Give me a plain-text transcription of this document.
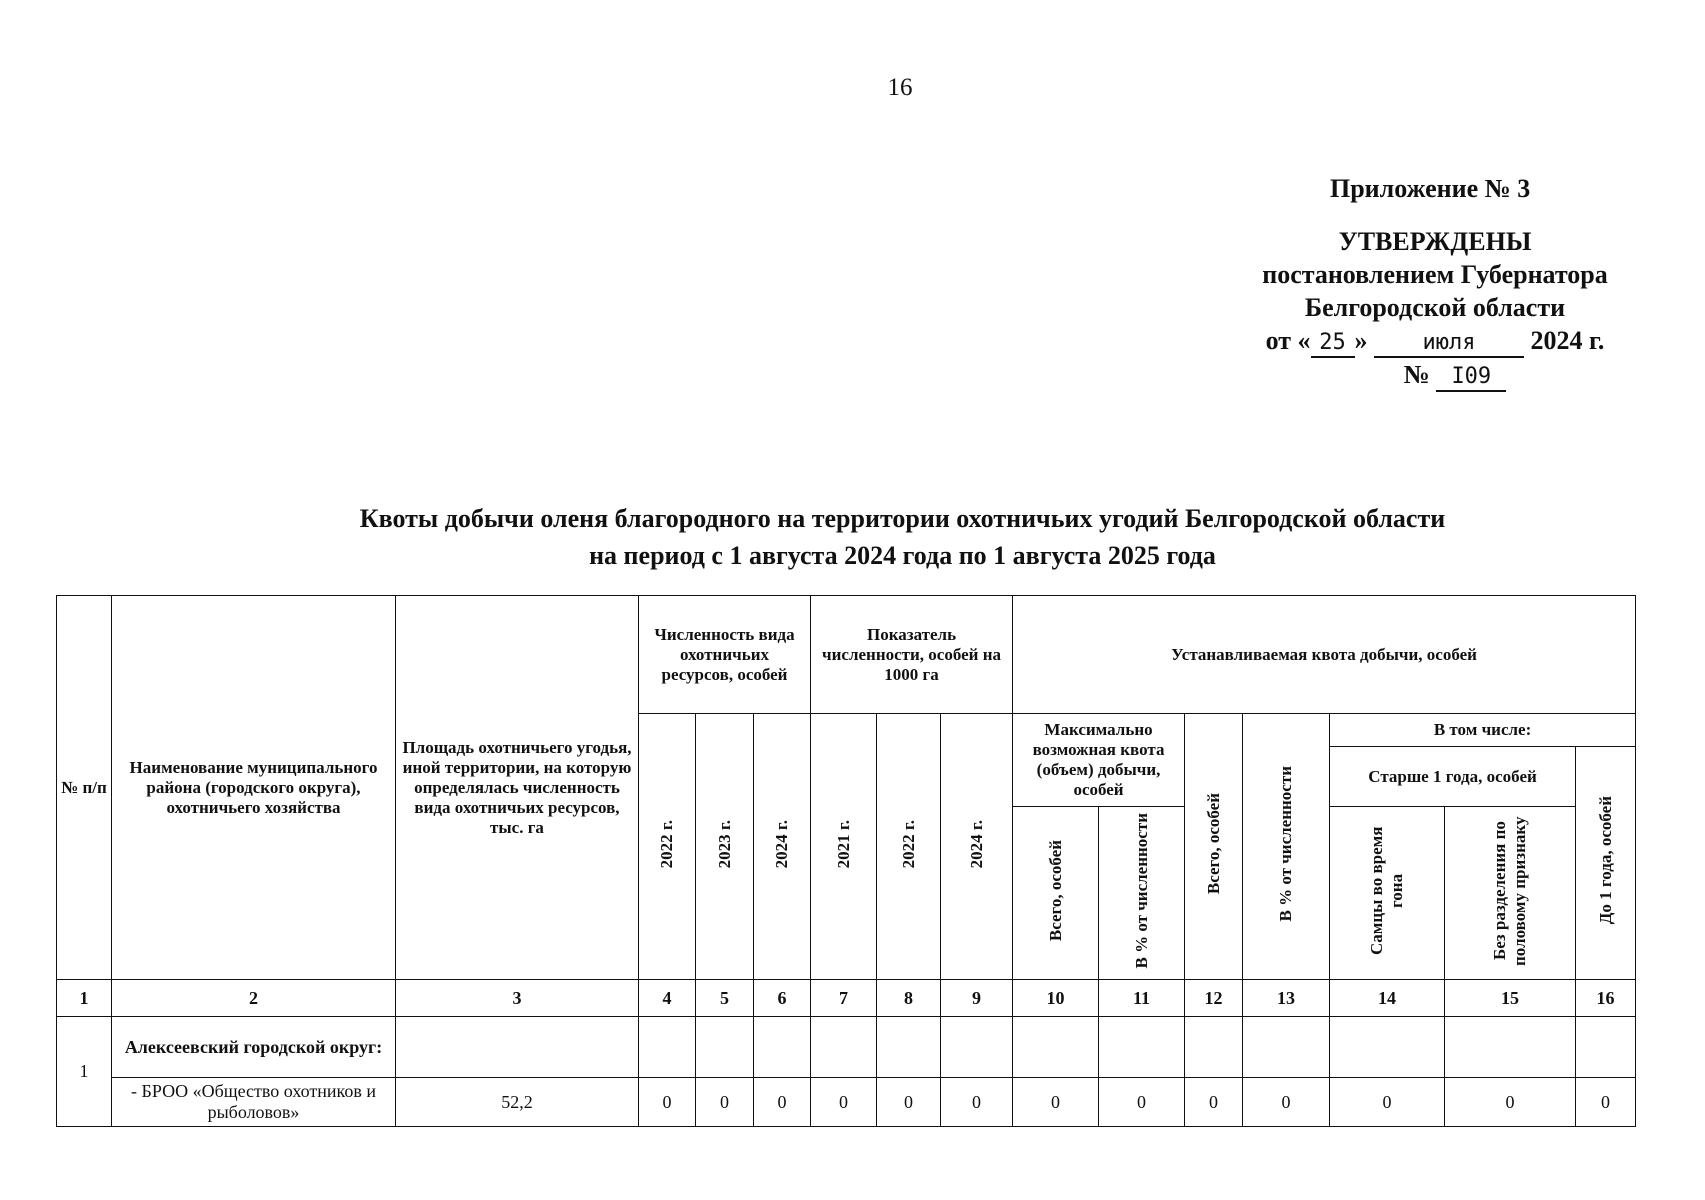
16
Приложение № 3
УТВЕРЖДЕНЫ
постановлением Губернатора
Белгородской области
от « 25 »	июля 2024 г.
№ I09
Квоты добычи оленя благородного на территории охотничьих угодий Белгородской области
на период с 1 августа 2024 года по 1 августа 2025 года
№ п/п	Наименование муниципального района (городского округа), охотничьего хозяйства	Площадь охотничьего угодья, иной территории, на которую определялась численность вида охотничьих ресурсов, тыс. га	Численность вида охотничьих ресурсов, особей			Показатель численности, особей на 1000 га			Устанавливаемая квота добычи, особей						
			2022 г.	2023 г.	2024 г.	2021 г.	2022 г.	2024 г.	Максимально возможная квота (объем) добычи, особей		Всего, особей	В % от численности	В том числе:		
													Старше 1 года, особей		До 1 года, особей
									Всего, особей	В % от численности			Самцы во время гона	Без разделения по половому признаку	
1	2	3	4	5	6	7	8	9	10	11	12	13	14	15	16
1	Алексеевский городской округ:														
	- БРОО «Общество охотников и рыболовов»	52,2	0	0	0	0	0	0	0	0	0	0	0	0	0
